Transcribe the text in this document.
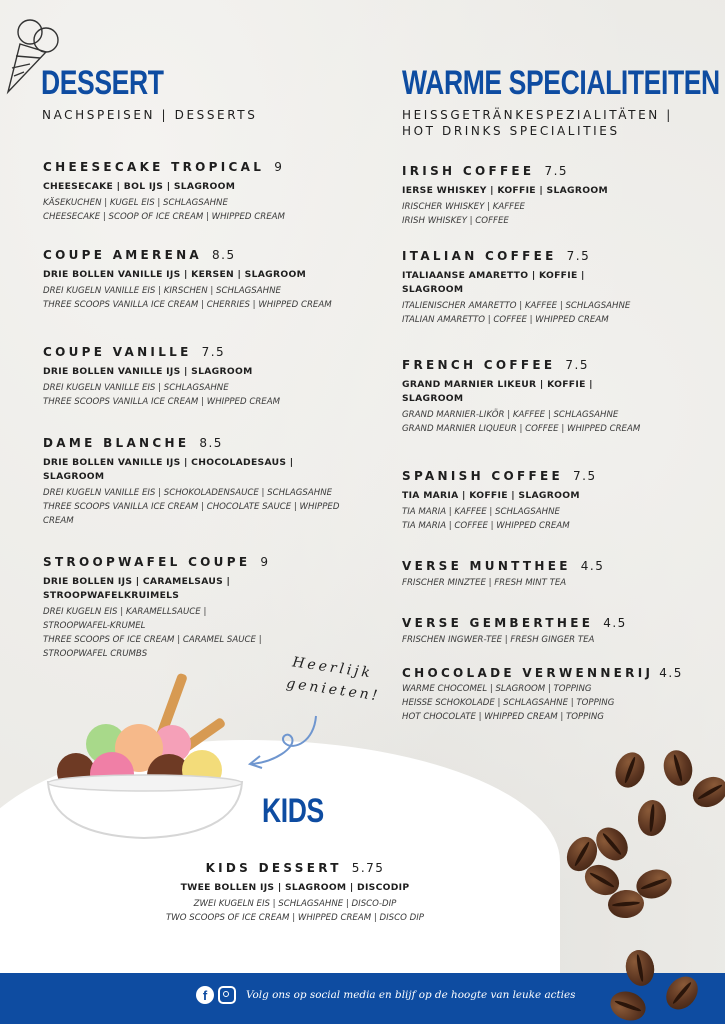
DESSERT
NACHSPEISEN | DESSERTS
CHEESECAKE TROPICAL 9
CHEESECAKE | BOL IJS | SLAGROOM
KÄSEKUCHEN | KUGEL EIS | SCHLAGSAHNE
CHEESECAKE | SCOOP OF ICE CREAM | WHIPPED CREAM
COUPE AMERENA 8.5
DRIE BOLLEN VANILLE IJS | KERSEN | SLAGROOM
DREI KUGELN VANILLE EIS | KIRSCHEN | SCHLAGSAHNE
THREE SCOOPS VANILLA ICE CREAM | CHERRIES | WHIPPED CREAM
COUPE VANILLE 7.5
DRIE BOLLEN VANILLE IJS | SLAGROOM
DREI KUGELN VANILLE EIS | SCHLAGSAHNE
THREE SCOOPS VANILLA ICE CREAM | WHIPPED CREAM
DAME BLANCHE 8.5
DRIE BOLLEN VANILLE IJS | CHOCOLADESAUS | SLAGROOM
DREI KUGELN VANILLE EIS | SCHOKOLADENSAUCE | SCHLAGSAHNE
THREE SCOOPS VANILLA ICE CREAM | CHOCOLATE SAUCE | WHIPPED CREAM
STROOPWAFEL COUPE 9
DRIE BOLLEN IJS | CARAMELSAUS | STROOPWAFELKRUIMELS
DREI KUGELN EIS | KARAMELLSAUCE | STROOPWAFEL-KRUMEL
THREE SCOOPS OF ICE CREAM | CARAMEL SAUCE | STROOPWAFEL CRUMBS
WARME SPECIALITEITEN
HEISSGETRÄNKESPEZIALITÄTEN | HOT DRINKS SPECIALITIES
IRISH COFFEE 7.5
IERSE WHISKEY | KOFFIE | SLAGROOM
IRISCHER WHISKEY | KAFFEE
IRISH WHISKEY | COFFEE
ITALIAN COFFEE 7.5
ITALIAANSE AMARETTO | KOFFIE | SLAGROOM
ITALIENISCHER AMARETTO | KAFFEE | SCHLAGSAHNE
ITALIAN AMARETTO | COFFEE | WHIPPED CREAM
FRENCH COFFEE 7.5
GRAND MARNIER LIKEUR | KOFFIE | SLAGROOM
GRAND MARNIER-LIKÖR | KAFFEE | SCHLAGSAHNE
GRAND MARNIER LIQUEUR | COFFEE | WHIPPED CREAM
SPANISH COFFEE 7.5
TIA MARIA | KOFFIE | SLAGROOM
TIA MARIA | KAFFEE | SCHLAGSAHNE
TIA MARIA | COFFEE | WHIPPED CREAM
VERSE MUNTTHEE 4.5
FRISCHER MINZTEE | FRESH MINT TEA
VERSE GEMBERTHEE 4.5
FRISCHEN INGWER-TEE | FRESH GINGER TEA
CHOCOLADE VERWENNERIJ 4.5
WARME CHOCOMEL | SLAGROOM | TOPPING
HEISSE SCHOKOLADE | SCHLAGSAHNE | TOPPING
HOT CHOCOLATE | WHIPPED CREAM | TOPPING
Heerlijk
genieten!
KIDS
KIDS DESSERT 5.75
TWEE BOLLEN IJS | SLAGROOM | DISCODIP
ZWEI KUGELN EIS | SCHLAGSAHNE | DISCO-DIP
TWO SCOOPS OF ICE CREAM | WHIPPED CREAM | DISCO DIP
f	Volg ons op social media en blijf op de hoogte van leuke acties
